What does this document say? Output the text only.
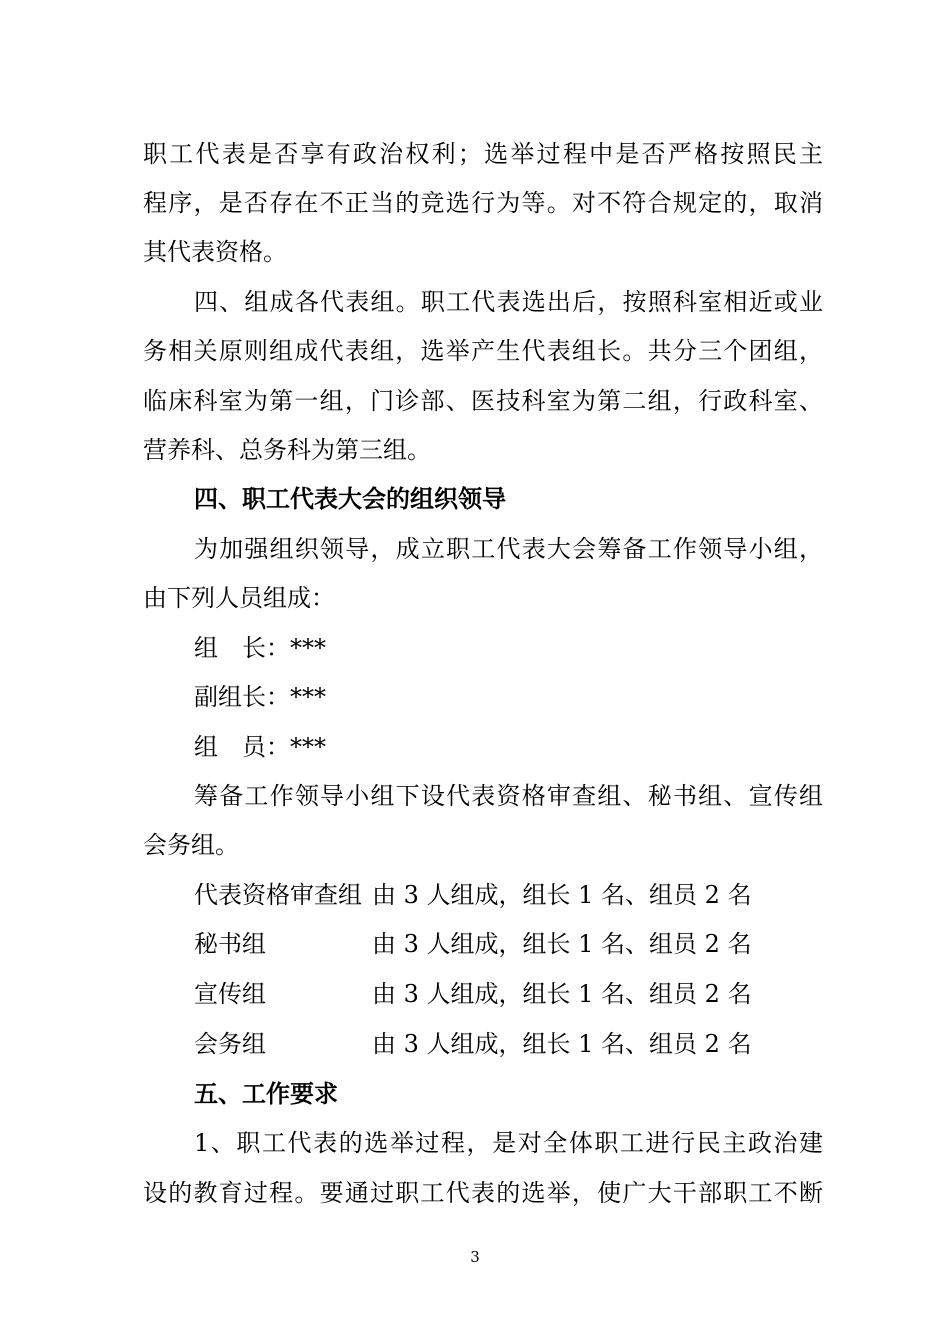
职工代表是否享有政治权利；选举过程中是否严格按照民主
程序，是否存在不正当的竞选行为等。对不符合规定的，取消
其代表资格。
四、组成各代表组。职工代表选出后，按照科室相近或业
务相关原则组成代表组，选举产生代表组长。共分三个团组，
临床科室为第一组，门诊部、医技科室为第二组，行政科室、
营养科、总务科为第三组。
四、职工代表大会的组织领导
为加强组织领导，成立职工代表大会筹备工作领导小组，
由下列人员组成：
组　长：***
副组长：***
组　员：***
筹备工作领导小组下设代表资格审查组、秘书组、宣传组
会务组。
代表资格审查组 由 3 人组成，组长 1 名、组员 2 名
秘书组	由 3 人组成，组长 1 名、组员 2 名
宣传组	由 3 人组成，组长 1 名、组员 2 名
会务组	由 3 人组成，组长 1 名、组员 2 名
五、工作要求
1、职工代表的选举过程，是对全体职工进行民主政治建
设的教育过程。要通过职工代表的选举，使广大干部职工不断
3
